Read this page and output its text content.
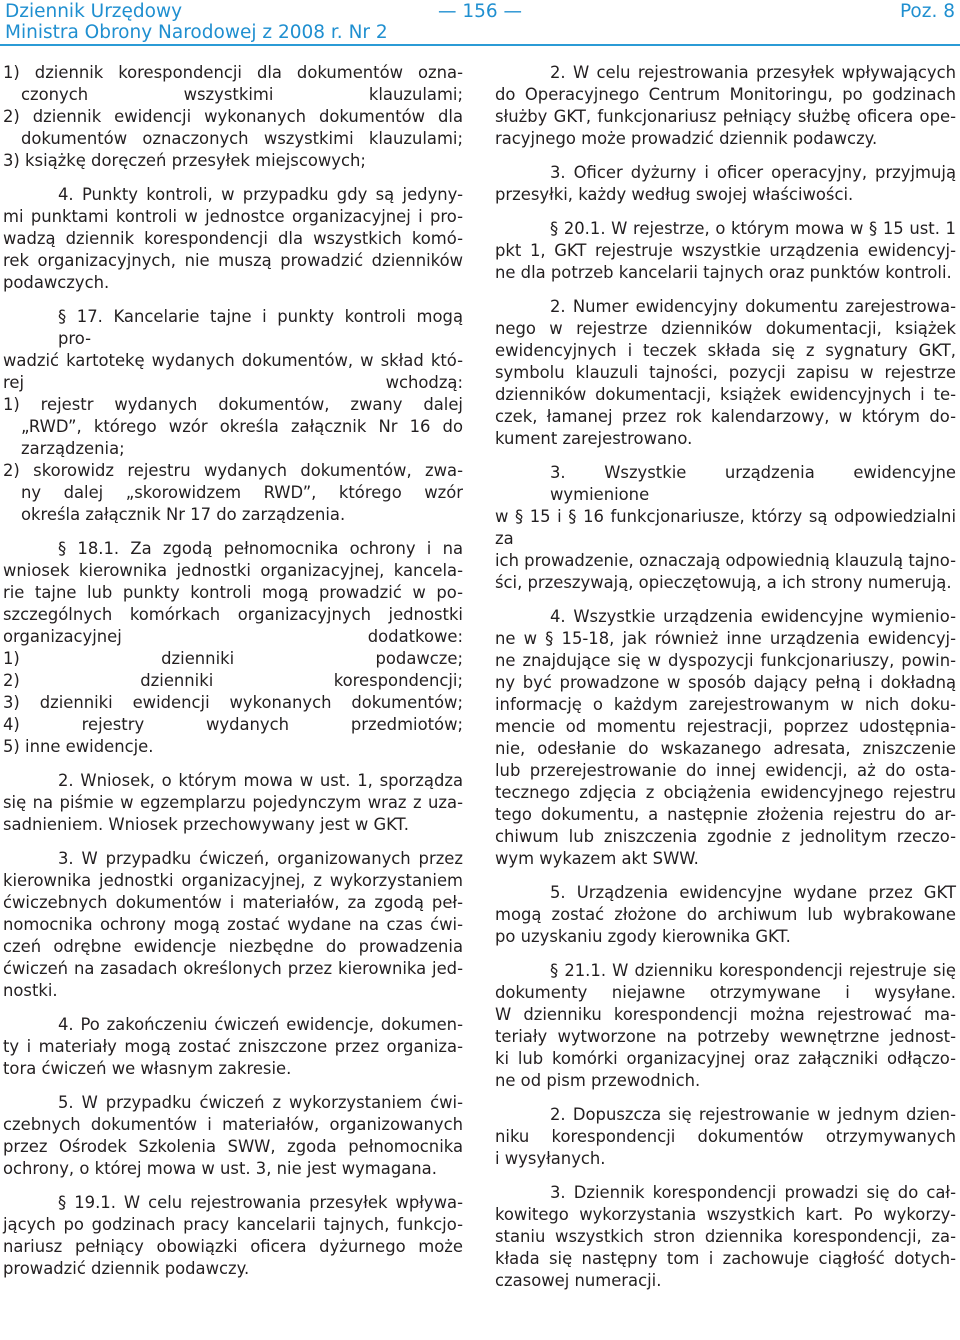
Dziennik Urzędowy
Ministra Obrony Narodowej z 2008 r. Nr 2
— 156 —	Poz. 8
1) dziennik korespondencji dla dokumentów ozna-
czonych wszystkimi klauzulami;
2) dziennik ewidencji wykonanych dokumentów dla
dokumentów oznaczonych wszystkimi klauzulami;
3) książkę doręczeń przesyłek miejscowych;
4. Punkty kontroli, w przypadku gdy są jedyny-
mi punktami kontroli w jednostce organizacyjnej i pro-
wadzą dziennik korespondencji dla wszystkich komó-
rek organizacyjnych, nie muszą prowadzić dzienników
podawczych.
§ 17. Kancelarie tajne i punkty kontroli mogą pro-
wadzić kartotekę wydanych dokumentów, w skład któ-
rej wchodzą:
1) rejestr wydanych dokumentów, zwany dalej
„RWD”, którego wzór określa załącznik Nr 16 do
zarządzenia;
2) skorowidz rejestru wydanych dokumentów, zwa-
ny dalej „skorowidzem RWD”, którego wzór
określa załącznik Nr 17 do zarządzenia.
§ 18.1. Za zgodą pełnomocnika ochrony i na
wniosek kierownika jednostki organizacyjnej, kancela-
rie tajne lub punkty kontroli mogą prowadzić w po-
szczególnych komórkach organizacyjnych jednostki
organizacyjnej dodatkowe:
1) dzienniki podawcze;
2) dzienniki korespondencji;
3) dzienniki ewidencji wykonanych dokumentów;
4) rejestry wydanych przedmiotów;
5) inne ewidencje.
2. Wniosek, o którym mowa w ust. 1, sporządza
się na piśmie w egzemplarzu pojedynczym wraz z uza-
sadnieniem. Wniosek przechowywany jest w GKT.
3. W przypadku ćwiczeń, organizowanych przez
kierownika jednostki organizacyjnej, z wykorzystaniem
ćwiczebnych dokumentów i materiałów, za zgodą peł-
nomocnika ochrony mogą zostać wydane na czas ćwi-
czeń odrębne ewidencje niezbędne do prowadzenia
ćwiczeń na zasadach określonych przez kierownika jed-
nostki.
4. Po zakończeniu ćwiczeń ewidencje, dokumen-
ty i materiały mogą zostać zniszczone przez organiza-
tora ćwiczeń we własnym zakresie.
5. W przypadku ćwiczeń z wykorzystaniem ćwi-
czebnych dokumentów i materiałów, organizowanych
przez Ośrodek Szkolenia SWW, zgoda pełnomocnika
ochrony, o której mowa w ust. 3, nie jest wymagana.
§ 19.1. W celu rejestrowania przesyłek wpływa-
jących po godzinach pracy kancelarii tajnych, funkcjo-
nariusz pełniący obowiązki oficera dyżurnego może
prowadzić dziennik podawczy.
2. W celu rejestrowania przesyłek wpływających
do Operacyjnego Centrum Monitoringu, po godzinach
służby GKT, funkcjonariusz pełniący służbę oficera ope-
racyjnego może prowadzić dziennik podawczy.
3. Oficer dyżurny i oficer operacyjny, przyjmują
przesyłki, każdy według swojej właściwości.
§ 20.1. W rejestrze, o którym mowa w § 15 ust. 1
pkt 1, GKT rejestruje wszystkie urządzenia ewidencyj-
ne dla potrzeb kancelarii tajnych oraz punktów kontroli.
2. Numer ewidencyjny dokumentu zarejestrowa-
nego w rejestrze dzienników dokumentacji, książek
ewidencyjnych i teczek składa się z sygnatury GKT,
symbolu klauzuli tajności, pozycji zapisu w rejestrze
dzienników dokumentacji, książek ewidencyjnych i te-
czek, łamanej przez rok kalendarzowy, w którym do-
kument zarejestrowano.
3. Wszystkie urządzenia ewidencyjne wymienione
w § 15 i § 16 funkcjonariusze, którzy są odpowiedzialni za
ich prowadzenie, oznaczają odpowiednią klauzulą tajno-
ści, przeszywają, opieczętowują, a ich strony numerują.
4. Wszystkie urządzenia ewidencyjne wymienio-
ne w § 15-18, jak również inne urządzenia ewidencyj-
ne znajdujące się w dyspozycji funkcjonariuszy, powin-
ny być prowadzone w sposób dający pełną i dokładną
informację o każdym zarejestrowanym w nich doku-
mencie od momentu rejestracji, poprzez udostępnia-
nie, odesłanie do wskazanego adresata, zniszczenie
lub przerejestrowanie do innej ewidencji, aż do osta-
tecznego zdjęcia z obciążenia ewidencyjnego rejestru
tego dokumentu, a następnie złożenia rejestru do ar-
chiwum lub zniszczenia zgodnie z jednolitym rzeczo-
wym wykazem akt SWW.
5. Urządzenia ewidencyjne wydane przez GKT
mogą zostać złożone do archiwum lub wybrakowane
po uzyskaniu zgody kierownika GKT.
§ 21.1. W dzienniku korespondencji rejestruje się
dokumenty niejawne otrzymywane i wysyłane.
W dzienniku korespondencji można rejestrować ma-
teriały wytworzone na potrzeby wewnętrzne jednost-
ki lub komórki organizacyjnej oraz załączniki odłączo-
ne od pism przewodnich.
2. Dopuszcza się rejestrowanie w jednym dzien-
niku korespondencji dokumentów otrzymywanych
i wysyłanych.
3. Dziennik korespondencji prowadzi się do cał-
kowitego wykorzystania wszystkich kart. Po wykorzy-
staniu wszystkich stron dziennika korespondencji, za-
kłada się następny tom i zachowuje ciągłość dotych-
czasowej numeracji.
